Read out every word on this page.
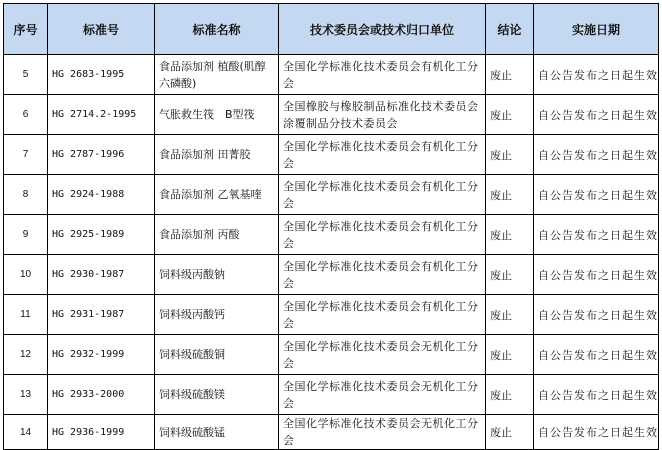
序号	标准号	标准名称	技术委员会或技术归口单位	结论	实施日期
5	HG 2683-1995	食品添加剂 植酸(肌醇六磷酸)	全国化学标准化技术委员会有机化工分会	废止	自公告发布之日起生效
6	HG 2714.2-1995	气胀救生筏　B型筏	全国橡胶与橡胶制品标准化技术委员会涂覆制品分技术委员会	废止	自公告发布之日起生效
7	HG 2787-1996	食品添加剂 田菁胶	全国化学标准化技术委员会有机化工分会	废止	自公告发布之日起生效
8	HG 2924-1988	食品添加剂 乙氧基喹	全国化学标准化技术委员会有机化工分会	废止	自公告发布之日起生效
9	HG 2925-1989	食品添加剂 丙酸	全国化学标准化技术委员会有机化工分会	废止	自公告发布之日起生效
10	HG 2930-1987	饲料级丙酸钠	全国化学标准化技术委员会有机化工分会	废止	自公告发布之日起生效
11	HG 2931-1987	饲料级丙酸钙	全国化学标准化技术委员会有机化工分会	废止	自公告发布之日起生效
12	HG 2932-1999	饲料级硫酸铜	全国化学标准化技术委员会无机化工分会	废止	自公告发布之日起生效
13	HG 2933-2000	饲料级硫酸镁	全国化学标准化技术委员会无机化工分会	废止	自公告发布之日起生效
14	HG 2936-1999	饲料级硫酸锰	全国化学标准化技术委员会无机化工分会	废止	自公告发布之日起生效
